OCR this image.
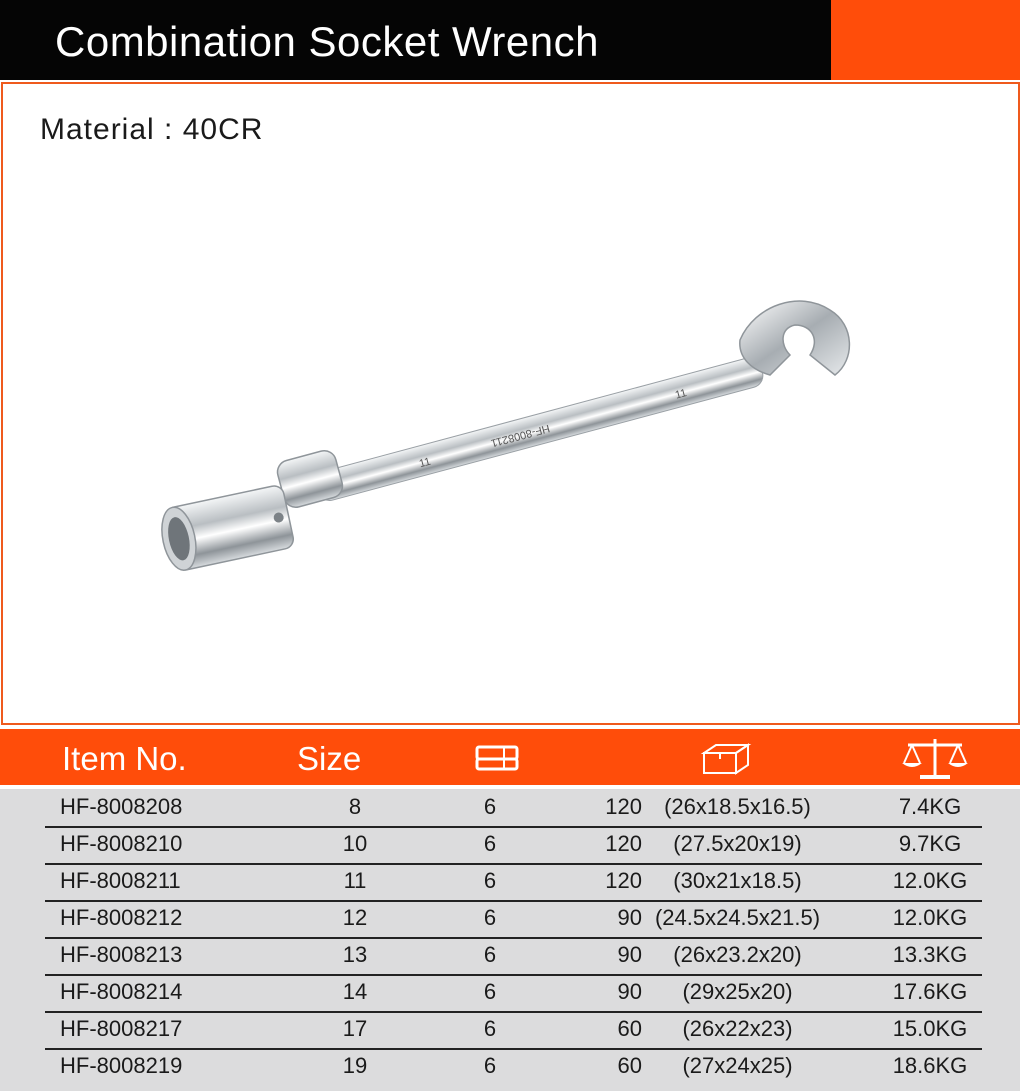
Combination Socket Wrench
Material : 40CR
HF-8008211
11
11
Item No.	Size
HF-8008208	8	6	120	(26x18.5x16.5)	7.4KG
HF-8008210	10	6	120	(27.5x20x19)	9.7KG
HF-8008211	11	6	120	(30x21x18.5)	12.0KG
HF-8008212	12	6	90 (24.5x24.5x21.5)	12.0KG
HF-8008213	13	6	90	(26x23.2x20)	13.3KG
HF-8008214	14	6	90	(29x25x20)	17.6KG
HF-8008217	17	6	60	(26x22x23)	15.0KG
HF-8008219	19	6	60	(27x24x25)	18.6KG
